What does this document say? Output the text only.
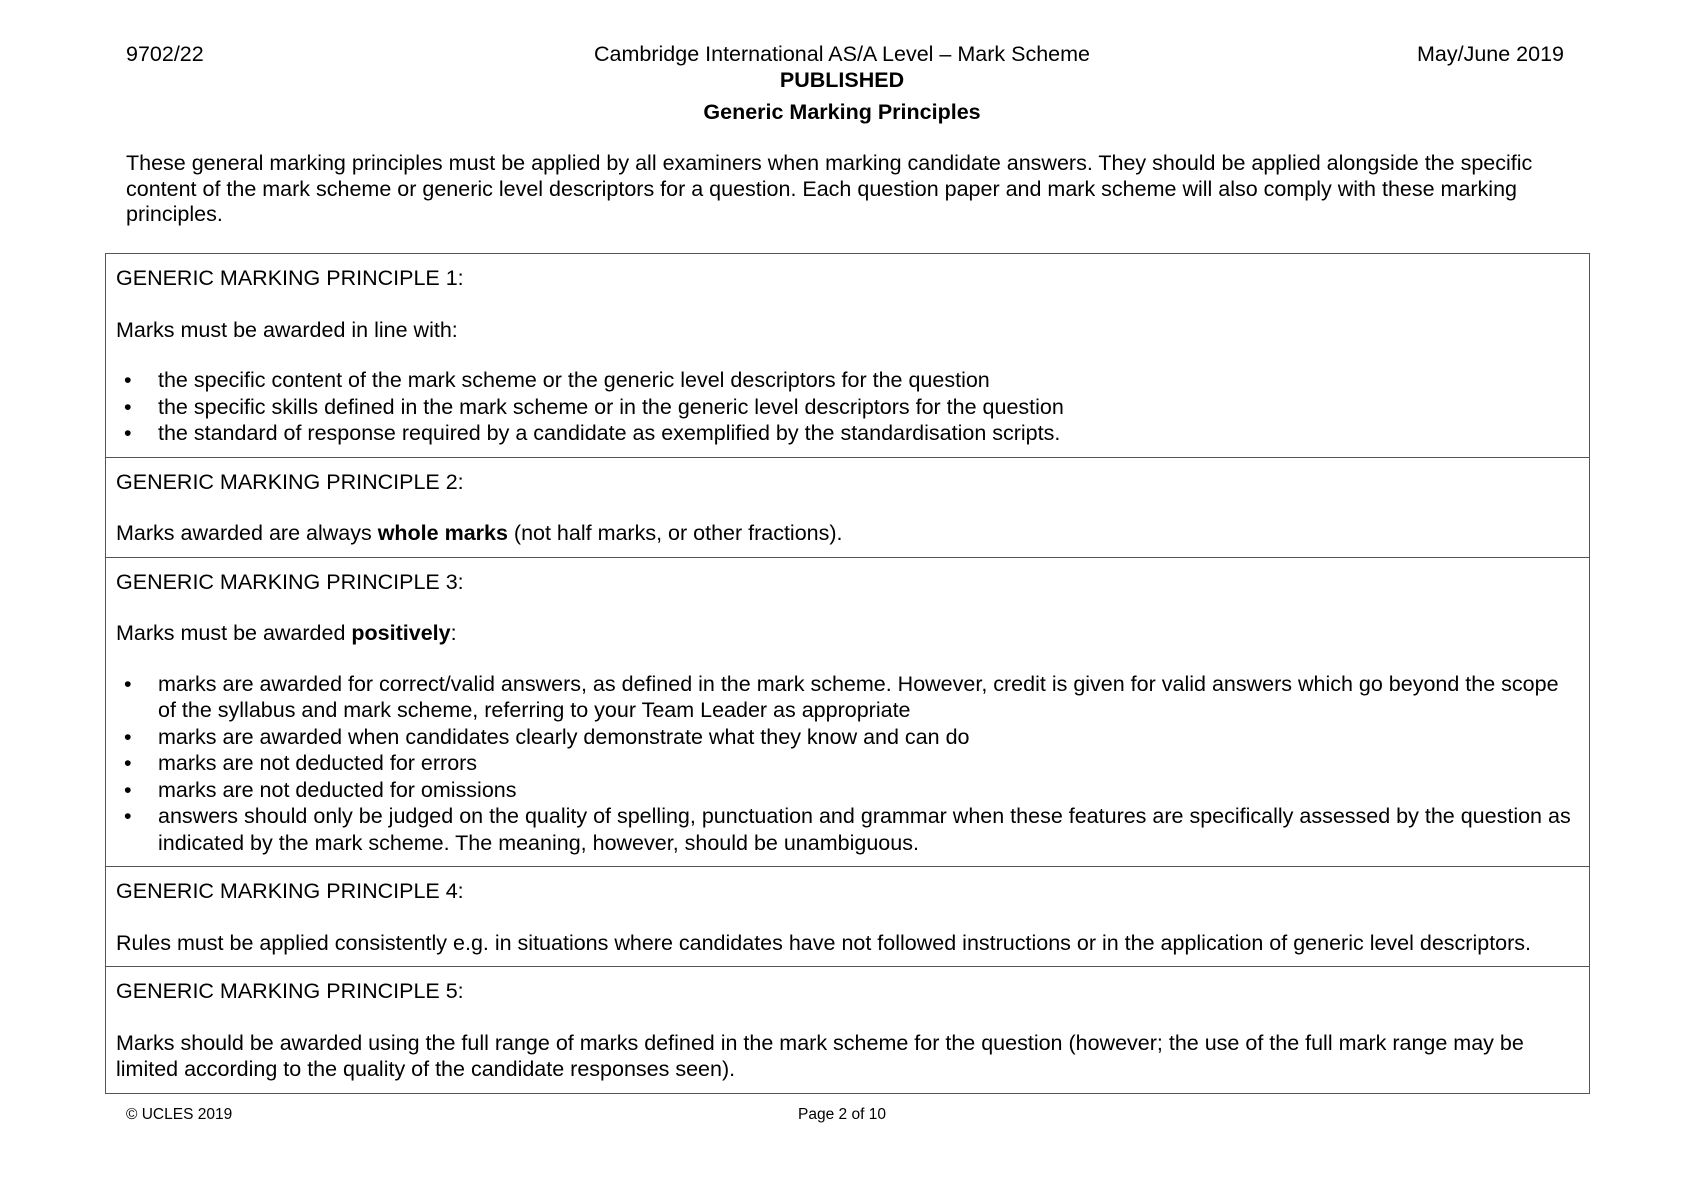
9702/22	Cambridge International AS/A Level – Mark Scheme	May/June 2019
PUBLISHED
Generic Marking Principles
These general marking principles must be applied by all examiners when marking candidate answers. They should be applied alongside the specific content of the mark scheme or generic level descriptors for a question. Each question paper and mark scheme will also comply with these marking principles.
GENERIC MARKING PRINCIPLE 1:

Marks must be awarded in line with:

• the specific content of the mark scheme or the generic level descriptors for the question
• the specific skills defined in the mark scheme or in the generic level descriptors for the question
• the standard of response required by a candidate as exemplified by the standardisation scripts.
GENERIC MARKING PRINCIPLE 2:

Marks awarded are always whole marks (not half marks, or other fractions).

GENERIC MARKING PRINCIPLE 3:

Marks must be awarded positively:

• marks are awarded for correct/valid answers, as defined in the mark scheme. However, credit is given for valid answers which go beyond the scope of the syllabus and mark scheme, referring to your Team Leader as appropriate
• marks are awarded when candidates clearly demonstrate what they know and can do
• marks are not deducted for errors
• marks are not deducted for omissions
• answers should only be judged on the quality of spelling, punctuation and grammar when these features are specifically assessed by the question as indicated by the mark scheme. The meaning, however, should be unambiguous.
GENERIC MARKING PRINCIPLE 4:

Rules must be applied consistently e.g. in situations where candidates have not followed instructions or in the application of generic level descriptors.

GENERIC MARKING PRINCIPLE 5:

Marks should be awarded using the full range of marks defined in the mark scheme for the question (however; the use of the full mark range may be limited according to the quality of the candidate responses seen).

© UCLES 2019	Page 2 of 10
